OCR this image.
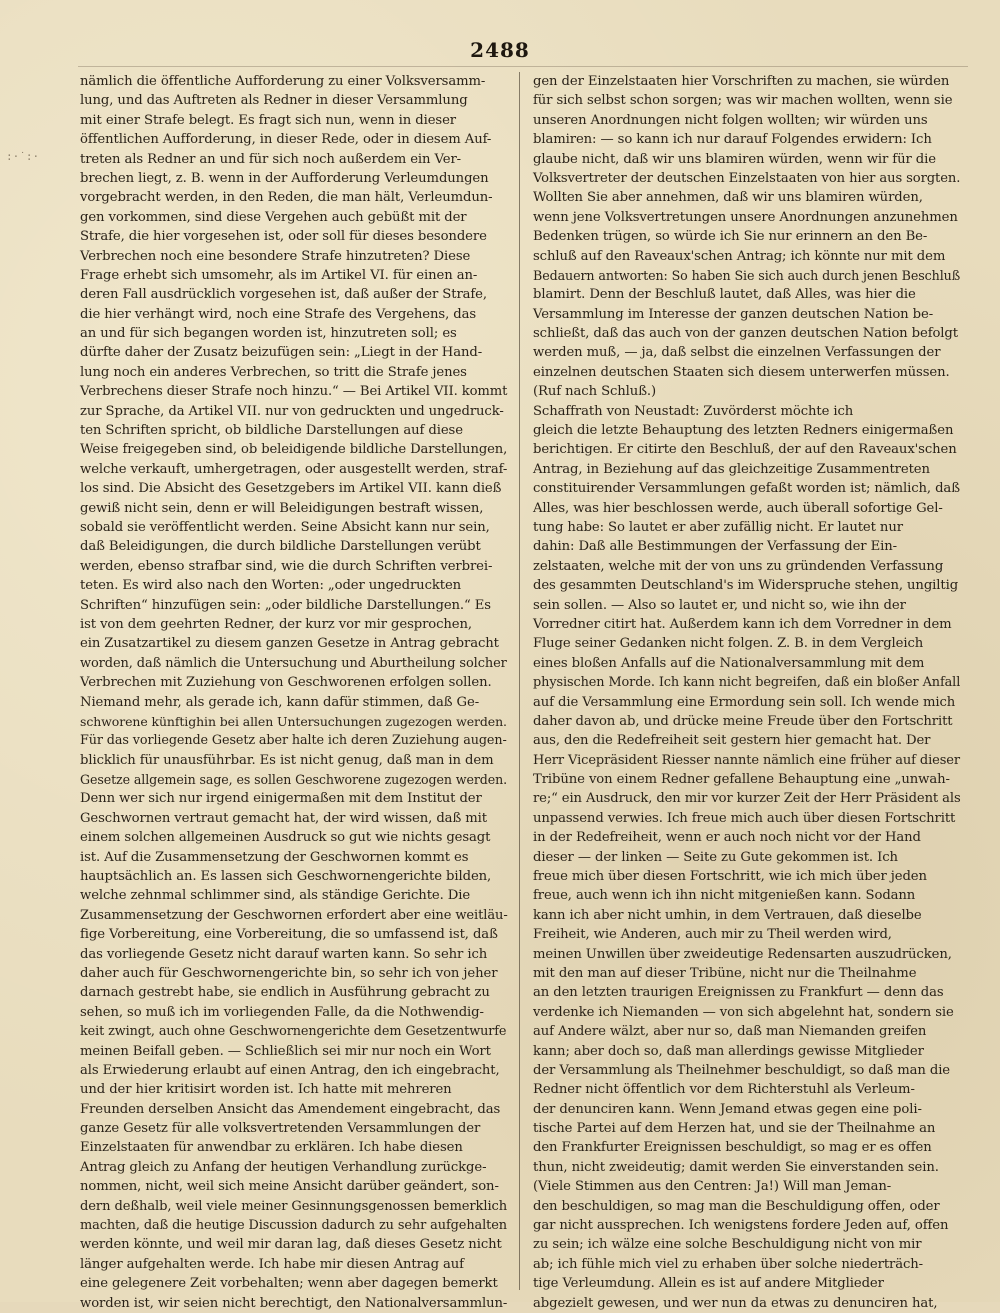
:·˙:·
2488
nämlich die öffentliche Aufforderung zu einer Volksversamm-
lung, und das Auftreten als Redner in dieser Versammlung
mit einer Strafe belegt. Es fragt sich nun, wenn in dieser
öffentlichen Aufforderung, in dieser Rede, oder in diesem Auf-
treten als Redner an und für sich noch außerdem ein Ver-
brechen liegt, z. B. wenn in der Aufforderung Verleumdungen
vorgebracht werden, in den Reden, die man hält, Verleumdun-
gen vorkommen, sind diese Vergehen auch gebüßt mit der
Strafe, die hier vorgesehen ist, oder soll für dieses besondere
Verbrechen noch eine besondere Strafe hinzutreten? Diese
Frage erhebt sich umsomehr, als im Artikel VI. für einen an-
deren Fall ausdrücklich vorgesehen ist, daß außer der Strafe,
die hier verhängt wird, noch eine Strafe des Vergehens, das
an und für sich begangen worden ist, hinzutreten soll; es
dürfte daher der Zusatz beizufügen sein: „Liegt in der Hand-
lung noch ein anderes Verbrechen, so tritt die Strafe jenes
Verbrechens dieser Strafe noch hinzu.“ — Bei Artikel VII. kommt
zur Sprache, da Artikel VII. nur von gedruckten und ungedruck-
ten Schriften spricht, ob bildliche Darstellungen auf diese
Weise freigegeben sind, ob beleidigende bildliche Darstellungen,
welche verkauft, umhergetragen, oder ausgestellt werden, straf-
los sind. Die Absicht des Gesetzgebers im Artikel VII. kann dieß
gewiß nicht sein, denn er will Beleidigungen bestraft wissen,
sobald sie veröffentlicht werden. Seine Absicht kann nur sein,
daß Beleidigungen, die durch bildliche Darstellungen verübt
werden, ebenso strafbar sind, wie die durch Schriften verbrei-
teten. Es wird also nach den Worten: „oder ungedruckten
Schriften“ hinzufügen sein: „oder bildliche Darstellungen.“ Es
ist von dem geehrten Redner, der kurz vor mir gesprochen,
ein Zusatzartikel zu diesem ganzen Gesetze in Antrag gebracht
worden, daß nämlich die Untersuchung und Aburtheilung solcher
Verbrechen mit Zuziehung von Geschworenen erfolgen sollen.
Niemand mehr, als gerade ich, kann dafür stimmen, daß Ge-
schworene künftighin bei allen Untersuchungen zugezogen werden.
Für das vorliegende Gesetz aber halte ich deren Zuziehung augen-
blicklich für unausführbar. Es ist nicht genug, daß man in dem
Gesetze allgemein sage, es sollen Geschworene zugezogen werden.
Denn wer sich nur irgend einigermaßen mit dem Institut der
Geschwornen vertraut gemacht hat, der wird wissen, daß mit
einem solchen allgemeinen Ausdruck so gut wie nichts gesagt
ist. Auf die Zusammensetzung der Geschwornen kommt es
hauptsächlich an. Es lassen sich Geschwornengerichte bilden,
welche zehnmal schlimmer sind, als ständige Gerichte. Die
Zusammensetzung der Geschwornen erfordert aber eine weitläu-
fige Vorbereitung, eine Vorbereitung, die so umfassend ist, daß
das vorliegende Gesetz nicht darauf warten kann. So sehr ich
daher auch für Geschwornengerichte bin, so sehr ich von jeher
darnach gestrebt habe, sie endlich in Ausführung gebracht zu
sehen, so muß ich im vorliegenden Falle, da die Nothwendig-
keit zwingt, auch ohne Geschwornengerichte dem Gesetzentwurfe
meinen Beifall geben. — Schließlich sei mir nur noch ein Wort
als Erwiederung erlaubt auf einen Antrag, den ich eingebracht,
und der hier kritisirt worden ist. Ich hatte mit mehreren
Freunden derselben Ansicht das Amendement eingebracht, das
ganze Gesetz für alle volksvertretenden Versammlungen der
Einzelstaaten für anwendbar zu erklären. Ich habe diesen
Antrag gleich zu Anfang der heutigen Verhandlung zurückge-
nommen, nicht, weil sich meine Ansicht darüber geändert, son-
dern deßhalb, weil viele meiner Gesinnungsgenossen bemerklich
machten, daß die heutige Discussion dadurch zu sehr aufgehalten
werden könnte, und weil mir daran lag, daß dieses Gesetz nicht
länger aufgehalten werde. Ich habe mir diesen Antrag auf
eine gelegenere Zeit vorbehalten; wenn aber dagegen bemerkt
worden ist, wir seien nicht berechtigt, den Nationalversammlun-
gen der Einzelstaaten hier Vorschriften zu machen, sie würden
für sich selbst schon sorgen; was wir machen wollten, wenn sie
unseren Anordnungen nicht folgen wollten; wir würden uns
blamiren: — so kann ich nur darauf Folgendes erwidern: Ich
glaube nicht, daß wir uns blamiren würden, wenn wir für die
Volksvertreter der deutschen Einzelstaaten von hier aus sorgten.
Wollten Sie aber annehmen, daß wir uns blamiren würden,
wenn jene Volksvertretungen unsere Anordnungen anzunehmen
Bedenken trügen, so würde ich Sie nur erinnern an den Be-
schluß auf den Raveaux'schen Antrag; ich könnte nur mit dem
Bedauern antworten: So haben Sie sich auch durch jenen Beschluß
blamirt. Denn der Beschluß lautet, daß Alles, was hier die
Versammlung im Interesse der ganzen deutschen Nation be-
schließt, daß das auch von der ganzen deutschen Nation befolgt
werden muß, — ja, daß selbst die einzelnen Verfassungen der
einzelnen deutschen Staaten sich diesem unterwerfen müssen.
(Ruf nach Schluß.)
Schaffrath von Neustadt: Zuvörderst möchte ich
gleich die letzte Behauptung des letzten Redners einigermaßen
berichtigen. Er citirte den Beschluß, der auf den Raveaux'schen
Antrag, in Beziehung auf das gleichzeitige Zusammentreten
constituirender Versammlungen gefaßt worden ist; nämlich, daß
Alles, was hier beschlossen werde, auch überall sofortige Gel-
tung habe: So lautet er aber zufällig nicht. Er lautet nur
dahin: Daß alle Bestimmungen der Verfassung der Ein-
zelstaaten, welche mit der von uns zu gründenden Verfassung
des gesammten Deutschland's im Widerspruche stehen, ungiltig
sein sollen. — Also so lautet er, und nicht so, wie ihn der
Vorredner citirt hat. Außerdem kann ich dem Vorredner in dem
Fluge seiner Gedanken nicht folgen. Z. B. in dem Vergleich
eines bloßen Anfalls auf die Nationalversammlung mit dem
physischen Morde. Ich kann nicht begreifen, daß ein bloßer Anfall
auf die Versammlung eine Ermordung sein soll. Ich wende mich
daher davon ab, und drücke meine Freude über den Fortschritt
aus, den die Redefreiheit seit gestern hier gemacht hat. Der
Herr Vicepräsident Riesser nannte nämlich eine früher auf dieser
Tribüne von einem Redner gefallene Behauptung eine „unwah-
re;“ ein Ausdruck, den mir vor kurzer Zeit der Herr Präsident als
unpassend verwies. Ich freue mich auch über diesen Fortschritt
in der Redefreiheit, wenn er auch noch nicht vor der Hand
dieser — der linken — Seite zu Gute gekommen ist. Ich
freue mich über diesen Fortschritt, wie ich mich über jeden
freue, auch wenn ich ihn nicht mitgenießen kann. Sodann
kann ich aber nicht umhin, in dem Vertrauen, daß dieselbe
Freiheit, wie Anderen, auch mir zu Theil werden wird,
meinen Unwillen über zweideutige Redensarten auszudrücken,
mit den man auf dieser Tribüne, nicht nur die Theilnahme
an den letzten traurigen Ereignissen zu Frankfurt — denn das
verdenke ich Niemanden — von sich abgelehnt hat, sondern sie
auf Andere wälzt, aber nur so, daß man Niemanden greifen
kann; aber doch so, daß man allerdings gewisse Mitglieder
der Versammlung als Theilnehmer beschuldigt, so daß man die
Redner nicht öffentlich vor dem Richterstuhl als Verleum-
der denunciren kann. Wenn Jemand etwas gegen eine poli-
tische Partei auf dem Herzen hat, und sie der Theilnahme an
den Frankfurter Ereignissen beschuldigt, so mag er es offen
thun, nicht zweideutig; damit werden Sie einverstanden sein.
(Viele Stimmen aus den Centren: Ja!) Will man Jeman-
den beschuldigen, so mag man die Beschuldigung offen, oder
gar nicht aussprechen. Ich wenigstens fordere Jeden auf, offen
zu sein; ich wälze eine solche Beschuldigung nicht von mir
ab; ich fühle mich viel zu erhaben über solche niederträch-
tige Verleumdung. Allein es ist auf andere Mitglieder
abgezielt gewesen, und wer nun da etwas zu denunciren hat,
